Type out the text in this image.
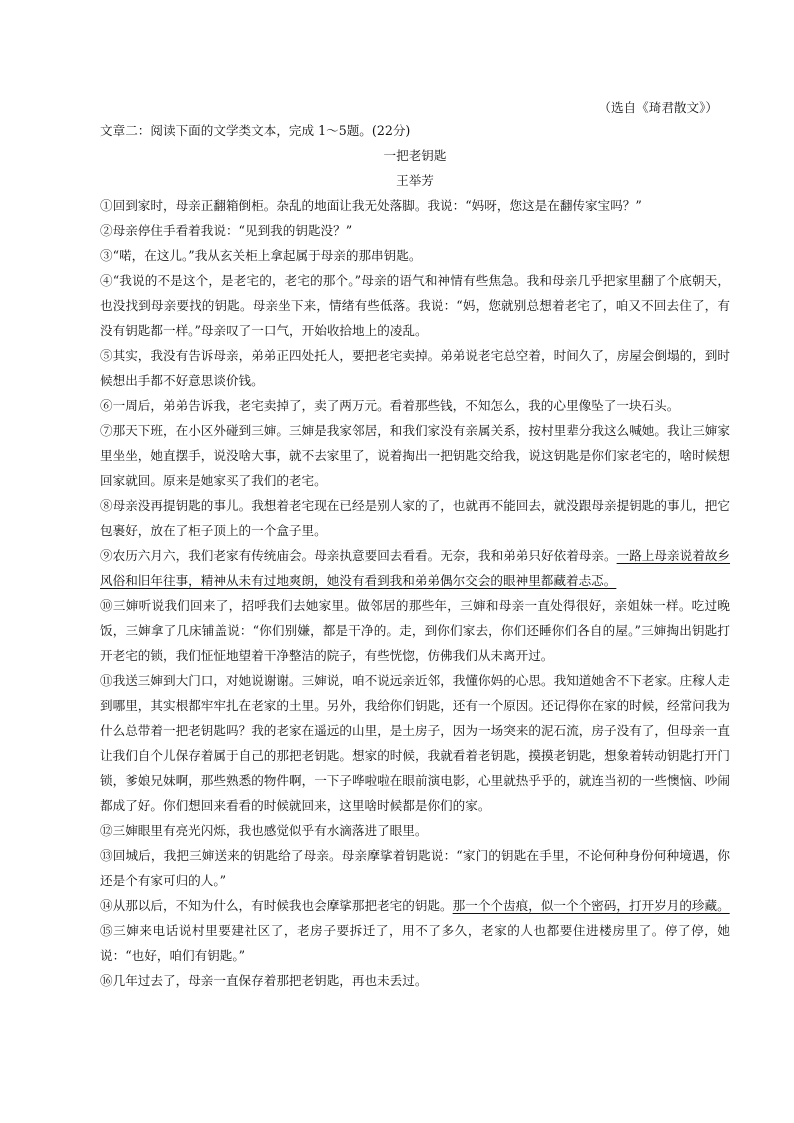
（选自《琦君散文》）

文章二：阅读下面的文学类文本，完成 1～5题。(22分)

一把老钥匙

王举芳

①回到家时，母亲正翻箱倒柜。杂乱的地面让我无处落脚。我说：“妈呀，您这是在翻传家宝吗？”

②母亲停住手看着我说：“见到我的钥匙没？”

③“喏，在这儿。”我从玄关柜上拿起属于母亲的那串钥匙。

④“我说的不是这个，是老宅的，老宅的那个。”母亲的语气和神情有些焦急。我和母亲几乎把家里翻了个底朝天，也没找到母亲要找的钥匙。母亲坐下来，情绪有些低落。我说：“妈，您就别总想着老宅了，咱又不回去住了，有没有钥匙都一样。”母亲叹了一口气，开始收拾地上的凌乱。

⑤其实，我没有告诉母亲，弟弟正四处托人，要把老宅卖掉。弟弟说老宅总空着，时间久了，房屋会倒塌的，到时候想出手都不好意思谈价钱。

⑥一周后，弟弟告诉我，老宅卖掉了，卖了两万元。看着那些钱，不知怎么，我的心里像坠了一块石头。

⑦那天下班，在小区外碰到三婶。三婶是我家邻居，和我们家没有亲属关系，按村里辈分我这么喊她。我让三婶家里坐坐，她直摆手，说没啥大事，就不去家里了，说着掏出一把钥匙交给我，说这钥匙是你们家老宅的，啥时候想回家就回。原来是她家买了我们的老宅。

⑧母亲没再提钥匙的事儿。我想着老宅现在已经是别人家的了，也就再不能回去，就没跟母亲提钥匙的事儿，把它包裹好，放在了柜子顶上的一个盒子里。

⑨农历六月六，我们老家有传统庙会。母亲执意要回去看看。无奈，我和弟弟只好依着母亲。一路上母亲说着故乡风俗和旧年往事，精神从未有过地爽朗，她没有看到我和弟弟偶尔交会的眼神里都藏着忐忑。

⑩三婶听说我们回来了，招呼我们去她家里。做邻居的那些年，三婶和母亲一直处得很好，亲姐妹一样。吃过晚饭，三婶拿了几床铺盖说：“你们别嫌，都是干净的。走，到你们家去，你们还睡你们各自的屋。”三婶掏出钥匙打开老宅的锁，我们怔怔地望着干净整洁的院子，有些恍惚，仿佛我们从未离开过。

⑪我送三婶到大门口，对她说谢谢。三婶说，咱不说远亲近邻，我懂你妈的心思。我知道她舍不下老家。庄稼人走到哪里，其实根都牢牢扎在老家的土里。另外，我给你们钥匙，还有一个原因。还记得你在家的时候，经常问我为什么总带着一把老钥匙吗？我的老家在遥远的山里，是土房子，因为一场突来的泥石流，房子没有了，但母亲一直让我们自个儿保存着属于自己的那把老钥匙。想家的时候，我就看着老钥匙，摸摸老钥匙，想象着转动钥匙打开门锁，爹娘兄妹啊，那些熟悉的物件啊，一下子哗啦啦在眼前演电影，心里就热乎乎的，就连当初的一些懊恼、吵闹都成了好。你们想回来看看的时候就回来，这里啥时候都是你们的家。

⑫三婶眼里有亮光闪烁，我也感觉似乎有水滴落进了眼里。

⑬回城后，我把三婶送来的钥匙给了母亲。母亲摩挲着钥匙说：“家门的钥匙在手里，不论何种身份何种境遇，你还是个有家可归的人。”

⑭从那以后，不知为什么，有时候我也会摩挲那把老宅的钥匙。那一个个齿痕，似一个个密码，打开岁月的珍藏。

⑮三婶来电话说村里要建社区了，老房子要拆迁了，用不了多久，老家的人也都要住进楼房里了。停了停，她说：“也好，咱们有钥匙。”

⑯几年过去了，母亲一直保存着那把老钥匙，再也未丢过。
